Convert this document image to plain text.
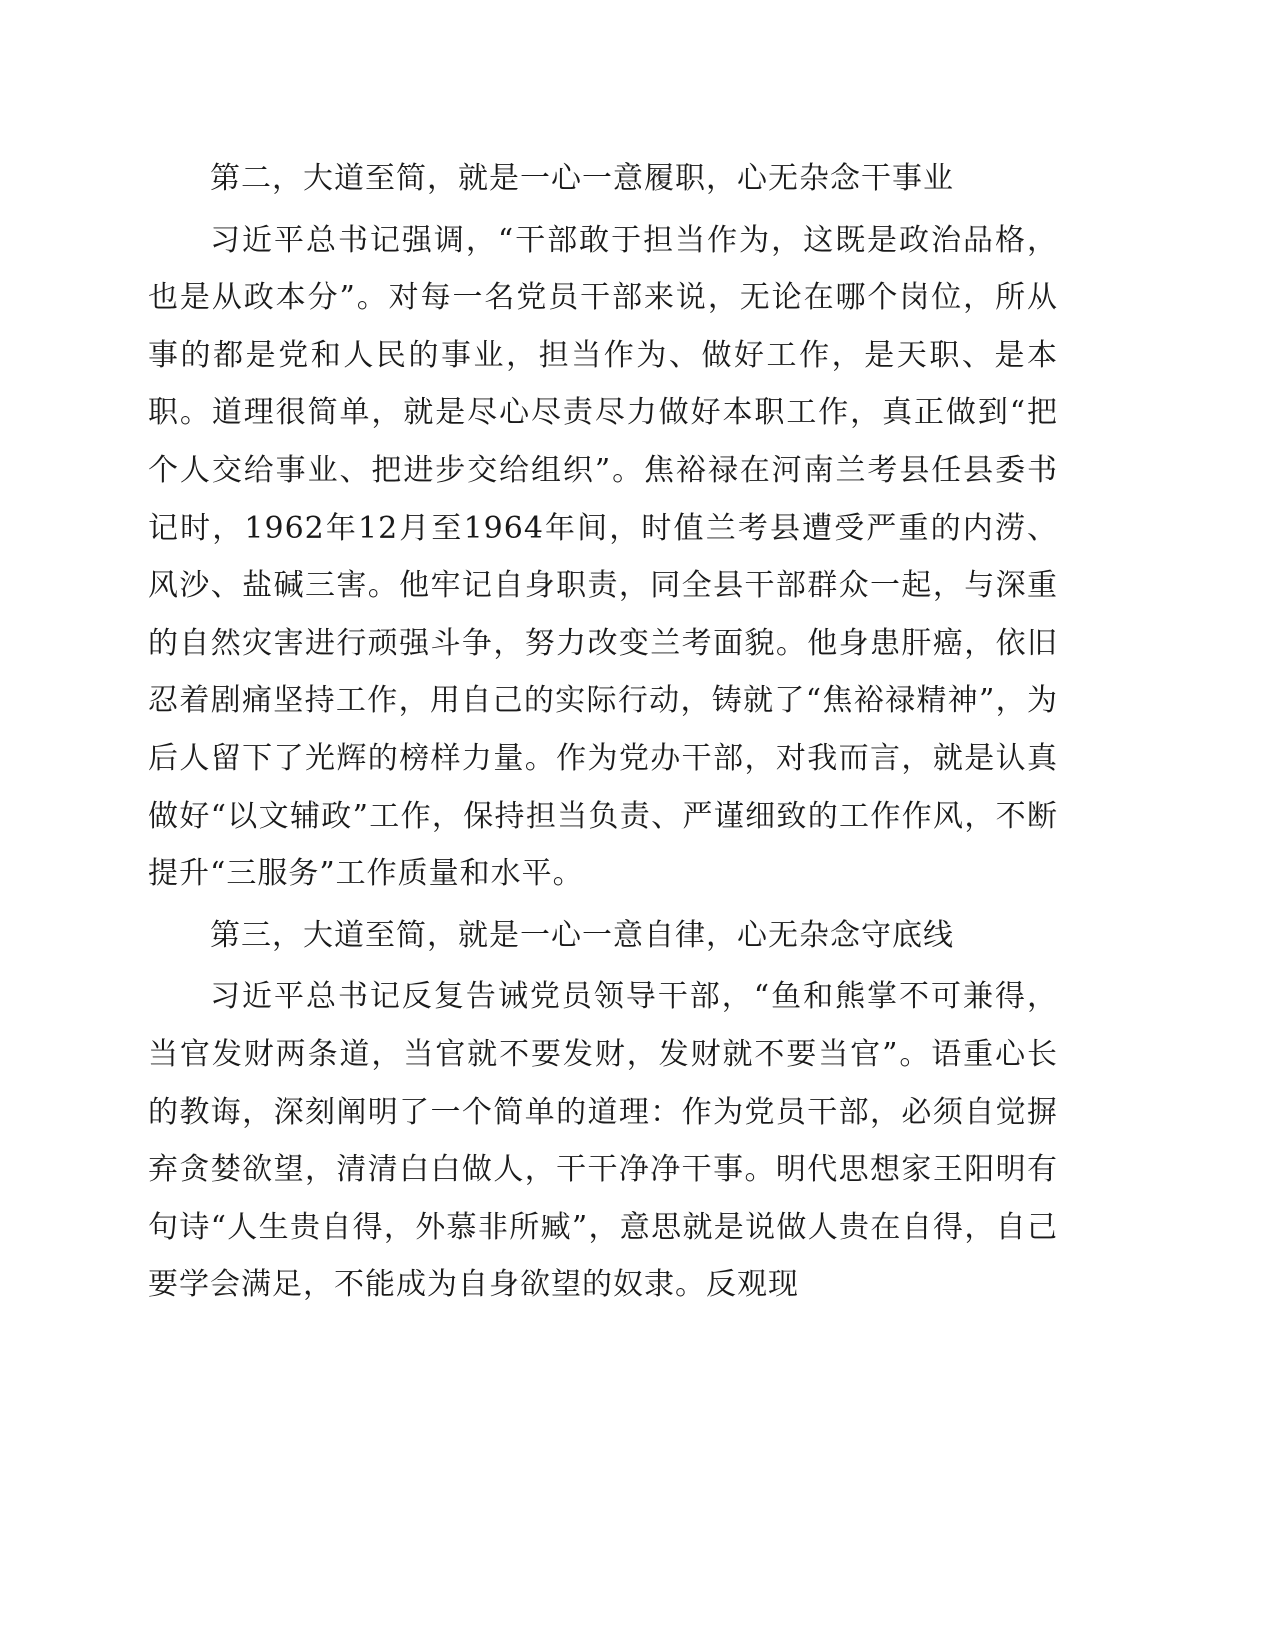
第二，大道至简，就是一心一意履职，心无杂念干事业

习近平总书记强调，“干部敢于担当作为，这既是政治品格，也是从政本分”。对每一名党员干部来说，无论在哪个岗位，所从事的都是党和人民的事业，担当作为、做好工作，是天职、是本职。道理很简单，就是尽心尽责尽力做好本职工作，真正做到“把个人交给事业、把进步交给组织”。焦裕禄在河南兰考县任县委书记时，1962年12月至1964年间，时值兰考县遭受严重的内涝、风沙、盐碱三害。他牢记自身职责，同全县干部群众一起，与深重的自然灾害进行顽强斗争，努力改变兰考面貌。他身患肝癌，依旧忍着剧痛坚持工作，用自己的实际行动，铸就了“焦裕禄精神”，为后人留下了光辉的榜样力量。作为党办干部，对我而言，就是认真做好“以文辅政”工作，保持担当负责、严谨细致的工作作风，不断提升“三服务”工作质量和水平。

第三，大道至简，就是一心一意自律，心无杂念守底线

习近平总书记反复告诫党员领导干部，“鱼和熊掌不可兼得，当官发财两条道，当官就不要发财，发财就不要当官”。语重心长的教诲，深刻阐明了一个简单的道理：作为党员干部，必须自觉摒弃贪婪欲望，清清白白做人，干干净净干事。明代思想家王阳明有句诗“人生贵自得，外慕非所臧”，意思就是说做人贵在自得，自己要学会满足，不能成为自身欲望的奴隶。反观现
